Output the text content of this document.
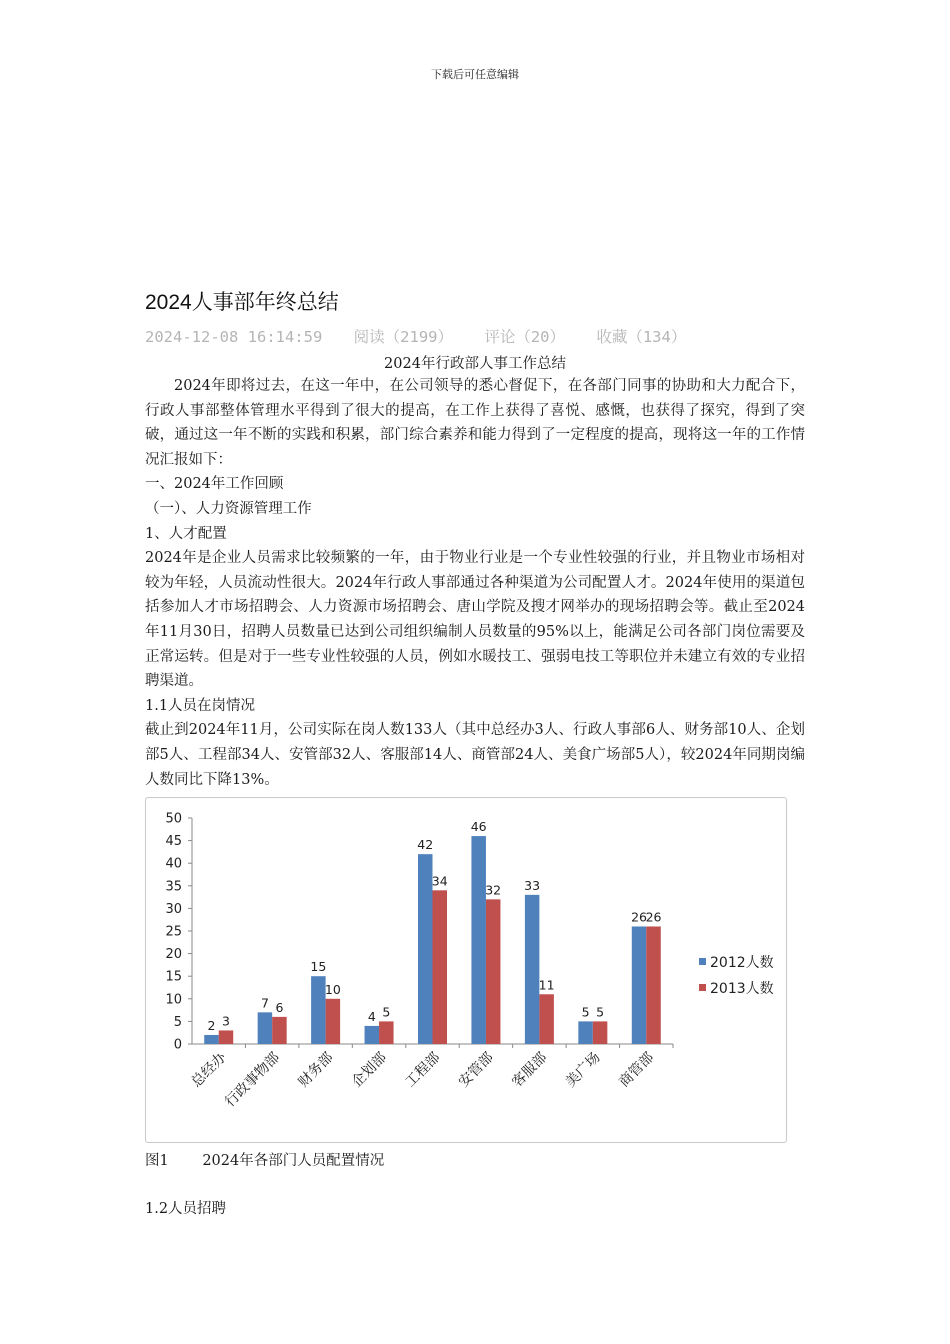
下载后可任意编辑
2024人事部年终总结
2024-12-08 16:14:59 阅读（2199） 评论（20） 收藏（134）
2024年行政部人事工作总结

2024年即将过去，在这一年中，在公司领导的悉心督促下，在各部门同事的协助和大力配合下，行政人事部整体管理水平得到了很大的提高，在工作上获得了喜悦、感慨，也获得了探究，得到了突破，通过这一年不断的实践和积累，部门综合素养和能力得到了一定程度的提高，现将这一年的工作情况汇报如下：

一、2024年工作回顾

（一）、人力资源管理工作

1、人才配置

2024年是企业人员需求比较频繁的一年，由于物业行业是一个专业性较强的行业，并且物业市场相对较为年轻，人员流动性很大。2024年行政人事部通过各种渠道为公司配置人才。2024年使用的渠道包括参加人才市场招聘会、人力资源市场招聘会、唐山学院及搜才网举办的现场招聘会等。截止至2024年11月30日，招聘人员数量已达到公司组织编制人员数量的95%以上，能满足公司各部门岗位需要及正常运转。但是对于一些专业性较强的人员，例如水暖技工、强弱电技工等职位并未建立有效的专业招聘渠道。

1.1人员在岗情况

截止到2024年11月，公司实际在岗人数133人（其中总经办3人、行政人事部6人、财务部10人、企划部5人、工程部34人、安管部32人、客服部14人、商管部24人、美食广场部5人），较2024年同期岗编人数同比下降13%。

0
5
10
15
20
25
30
35
40
45
50
2 3
总经办
7 6
行政事物部
15
10
财务部
4 5
企划部
42
34
工程部
46
32
安管部
33
11
客服部
5 5
美广场
26
26
商管部
2012人数
2013人数
图1　　 2024年各部门人员配置情况
1.2人员招聘
